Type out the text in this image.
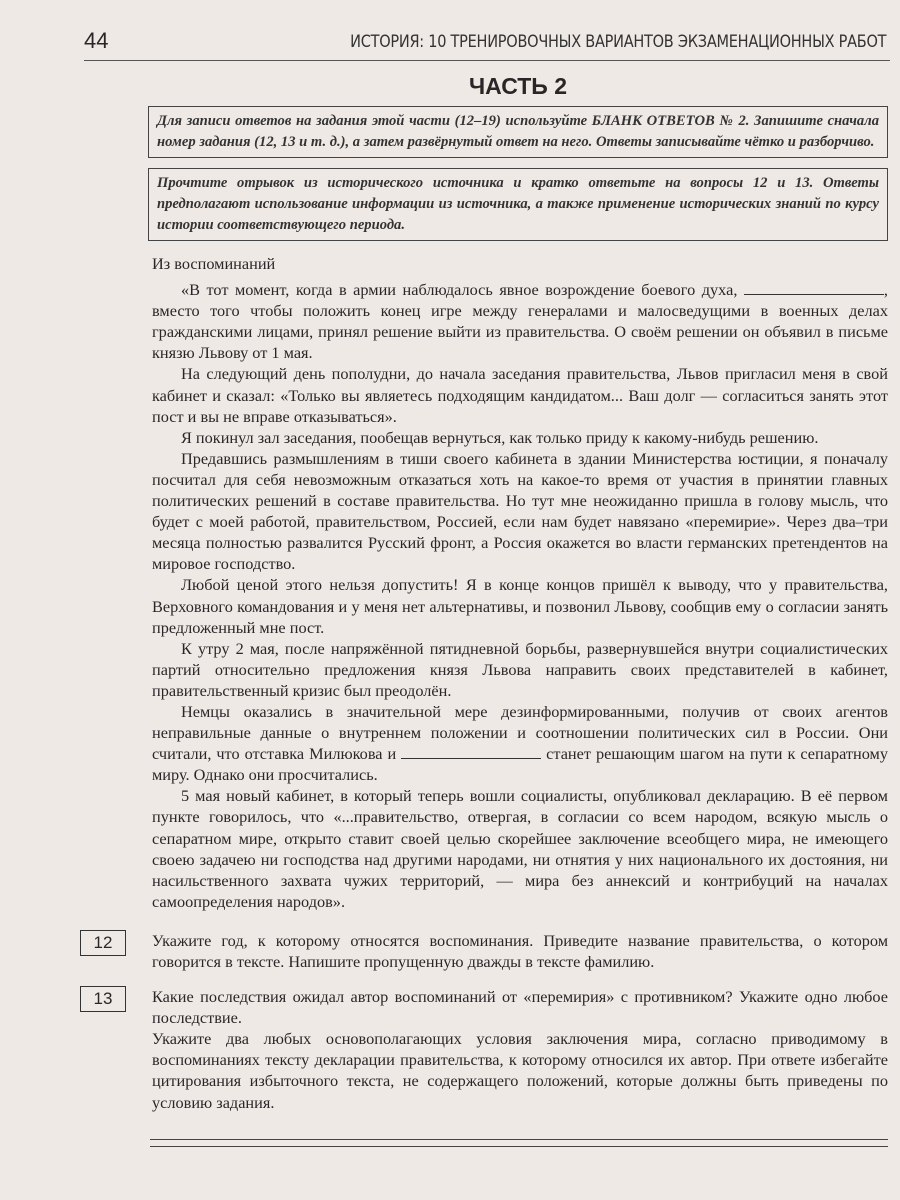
44	ИСТОРИЯ: 10 ТРЕНИРОВОЧНЫХ ВАРИАНТОВ ЭКЗАМЕНАЦИОННЫХ РАБОТ
ЧАСТЬ 2
Для записи ответов на задания этой части (12–19) используйте БЛАНК ОТВЕТОВ № 2. Запишите сначала номер задания (12, 13 и т. д.), а затем развёрнутый ответ на него. Ответы записывайте чётко и разборчиво.
Прочтите отрывок из исторического источника и кратко ответьте на вопросы 12 и 13. Ответы предполагают использование информации из источника, а также применение исторических знаний по курсу истории соответствующего периода.

Из воспоминаний

«В тот момент, когда в армии наблюдалось явное возрождение боевого духа,	, вместо того чтобы положить конец игре между генералами и малосведущими в военных делах гражданскими лицами, принял решение выйти из правительства. О своём решении он объявил в письме князю Львову от 1 мая.

На следующий день пополудни, до начала заседания правительства, Львов пригласил меня в свой кабинет и сказал: «Только вы являетесь подходящим кандидатом... Ваш долг — согласиться занять этот пост и вы не вправе отказываться».

Я покинул зал заседания, пообещав вернуться, как только приду к какому-нибудь решению.

Предавшись размышлениям в тиши своего кабинета в здании Министерства юстиции, я поначалу посчитал для себя невозможным отказаться хоть на какое-то время от участия в принятии главных политических решений в составе правительства. Но тут мне неожиданно пришла в голову мысль, что будет с моей работой, правительством, Россией, если нам будет навязано «перемирие». Через два–три месяца полностью развалится Русский фронт, а Россия окажется во власти германских претендентов на мировое господство.

Любой ценой этого нельзя допустить! Я в конце концов пришёл к выводу, что у правительства, Верховного командования и у меня нет альтернативы, и позвонил Львову, сообщив ему о согласии занять предложенный мне пост.

К утру 2 мая, после напряжённой пятидневной борьбы, развернувшейся внутри социалистических партий относительно предложения князя Львова направить своих представителей в кабинет, правительственный кризис был преодолён.

Немцы оказались в значительной мере дезинформированными, получив от своих агентов неправильные данные о внутреннем положении и соотношении политических сил в России. Они считали, что отставка Милюкова и	станет решающим шагом на пути к сепаратному миру. Однако они просчитались.

5 мая новый кабинет, в который теперь вошли социалисты, опубликовал декларацию. В её первом пункте говорилось, что «...правительство, отвергая, в согласии со всем народом, всякую мысль о сепаратном мире, открыто ставит своей целью скорейшее заключение всеобщего мира, не имеющего своею задачею ни господства над другими народами, ни отнятия у них национального их достояния, ни насильственного захвата чужих территорий, — мира без аннексий и контрибуций на началах самоопределения народов».

12	Укажите год, к которому относятся воспоминания. Приведите название правительства, о котором говорится в тексте. Напишите пропущенную дважды в тексте фамилию.
13	Какие последствия ожидал автор воспоминаний от «перемирия» с противником? Укажите одно любое последствие.
Укажите два любых основополагающих условия заключения мира, согласно приводимому в воспоминаниях тексту декларации правительства, к которому относился их автор. При ответе избегайте цитирования избыточного текста, не содержащего положений, которые должны быть приведены по условию задания.
